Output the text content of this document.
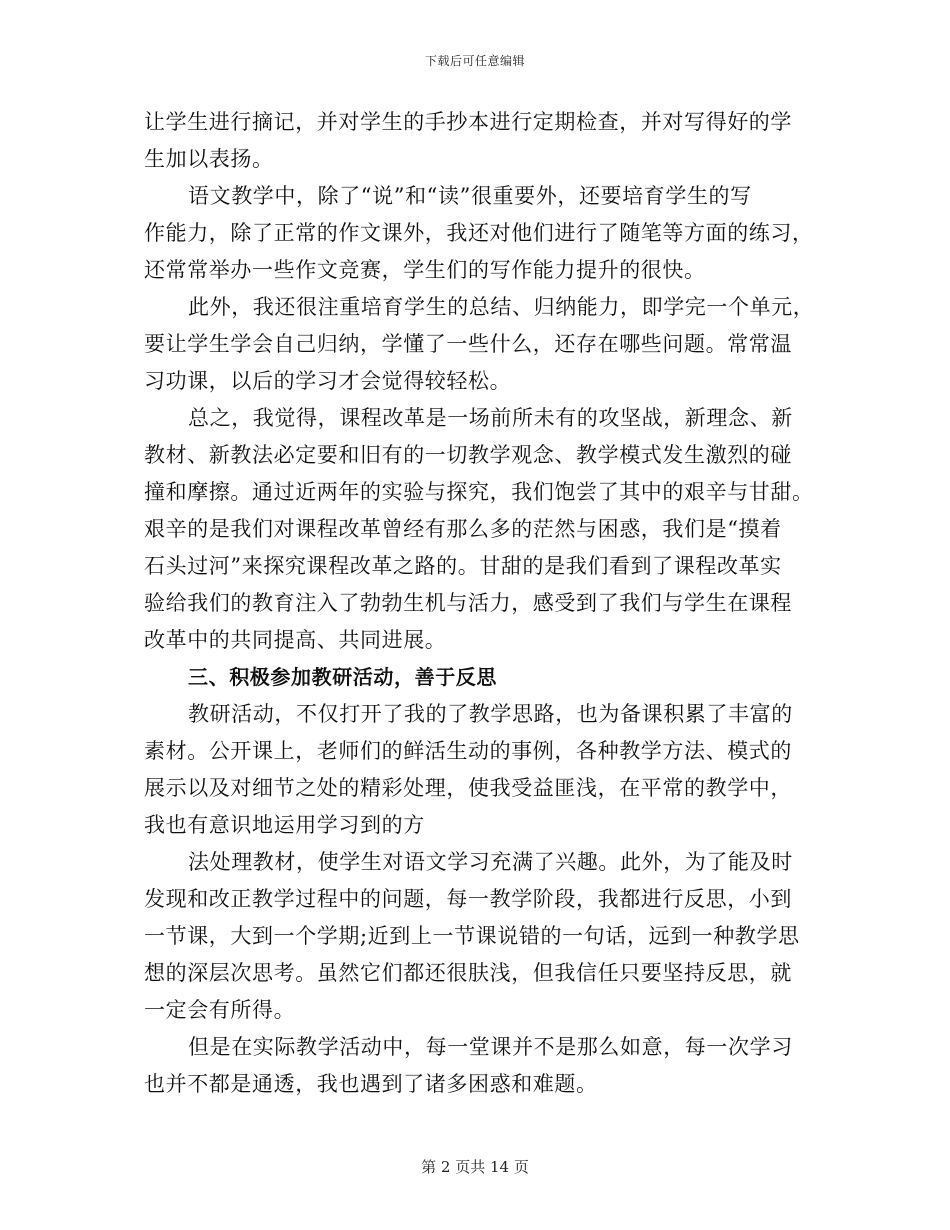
下载后可任意编辑
让学生进行摘记，并对学生的手抄本进行定期检查，并对写得好的学
生加以表扬。
语文教学中，除了“说”和“读”很重要外，还要培育学生的写
作能力，除了正常的作文课外，我还对他们进行了随笔等方面的练习，
还常常举办一些作文竞赛，学生们的写作能力提升的很快。
此外，我还很注重培育学生的总结、归纳能力，即学完一个单元，
要让学生学会自己归纳，学懂了一些什么，还存在哪些问题。常常温
习功课，以后的学习才会觉得较轻松。
总之，我觉得，课程改革是一场前所未有的攻坚战，新理念、新
教材、新教法必定要和旧有的一切教学观念、教学模式发生激烈的碰
撞和摩擦。通过近两年的实验与探究，我们饱尝了其中的艰辛与甘甜。
艰辛的是我们对课程改革曾经有那么多的茫然与困惑，我们是“摸着
石头过河”来探究课程改革之路的。甘甜的是我们看到了课程改革实
验给我们的教育注入了勃勃生机与活力，感受到了我们与学生在课程
改革中的共同提高、共同进展。
三、积极参加教研活动，善于反思
教研活动，不仅打开了我的了教学思路，也为备课积累了丰富的
素材。公开课上，老师们的鲜活生动的事例，各种教学方法、模式的
展示以及对细节之处的精彩处理，使我受益匪浅，在平常的教学中，
我也有意识地运用学习到的方
法处理教材，使学生对语文学习充满了兴趣。此外，为了能及时
发现和改正教学过程中的问题，每一教学阶段，我都进行反思，小到
一节课，大到一个学期;近到上一节课说错的一句话，远到一种教学思
想的深层次思考。虽然它们都还很肤浅，但我信任只要坚持反思，就
一定会有所得。
但是在实际教学活动中，每一堂课并不是那么如意，每一次学习
也并不都是通透，我也遇到了诸多困惑和难题。
第 2 页共 14 页
